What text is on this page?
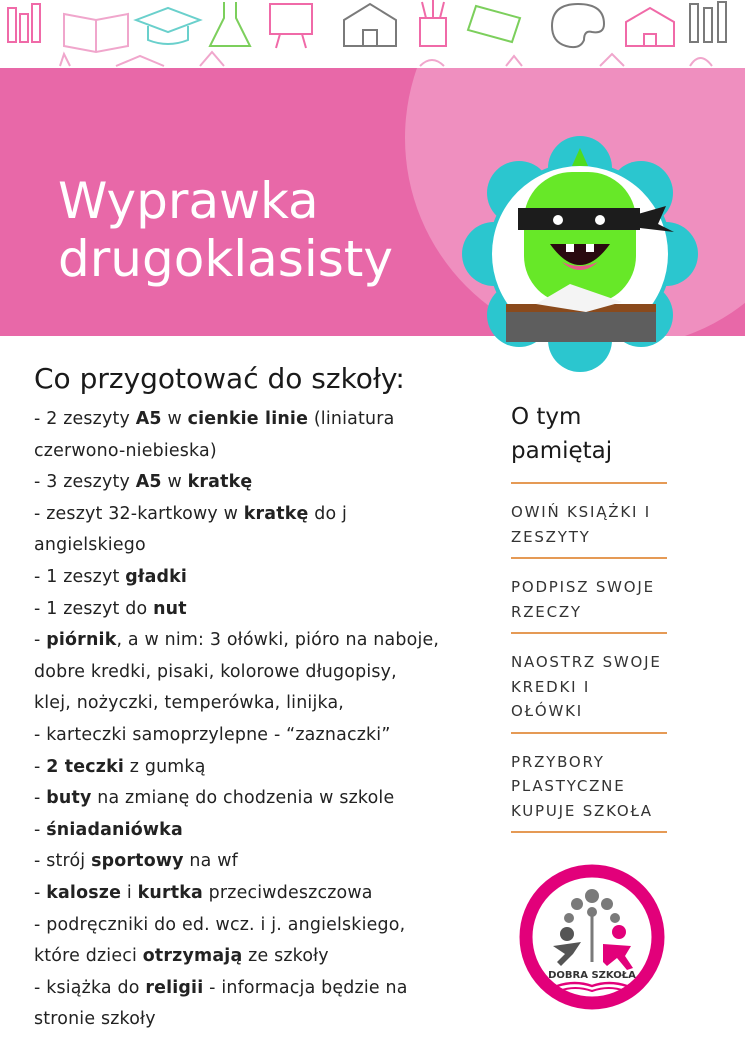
Wyprawka
drugoklasisty
Co przygotować do szkoły:
- 2 zeszyty A5 w cienkie linie (liniatura
czerwono-niebieska)
- 3 zeszyty A5 w kratkę
- zeszyt 32-kartkowy w kratkę do j
angielskiego
- 1 zeszyt gładki
- 1 zeszyt do nut
- piórnik, a w nim: 3 ołówki, pióro na naboje,
dobre kredki, pisaki, kolorowe długopisy,
klej, nożyczki, temperówka, linijka,
- karteczki samoprzylepne - “zaznaczki”
- 2 teczki z gumką
- buty na zmianę do chodzenia w szkole
- śniadaniówka
- strój sportowy na wf
- kalosze i kurtka przeciwdeszczowa
- podręczniki do ed. wcz. i j. angielskiego,
które dzieci otrzymają ze szkoły
- książka do religii - informacja będzie na
stronie szkoły
O tym
pamiętaj
OWIŃ KSIĄŻKI I
ZESZYTY
PODPISZ SWOJE
RZECZY
NAOSTRZ SWOJE
KREDKI I OŁÓWKI
PRZYBORY
PLASTYCZNE
KUPUJE SZKOŁA
DOBRA SZKOŁA
